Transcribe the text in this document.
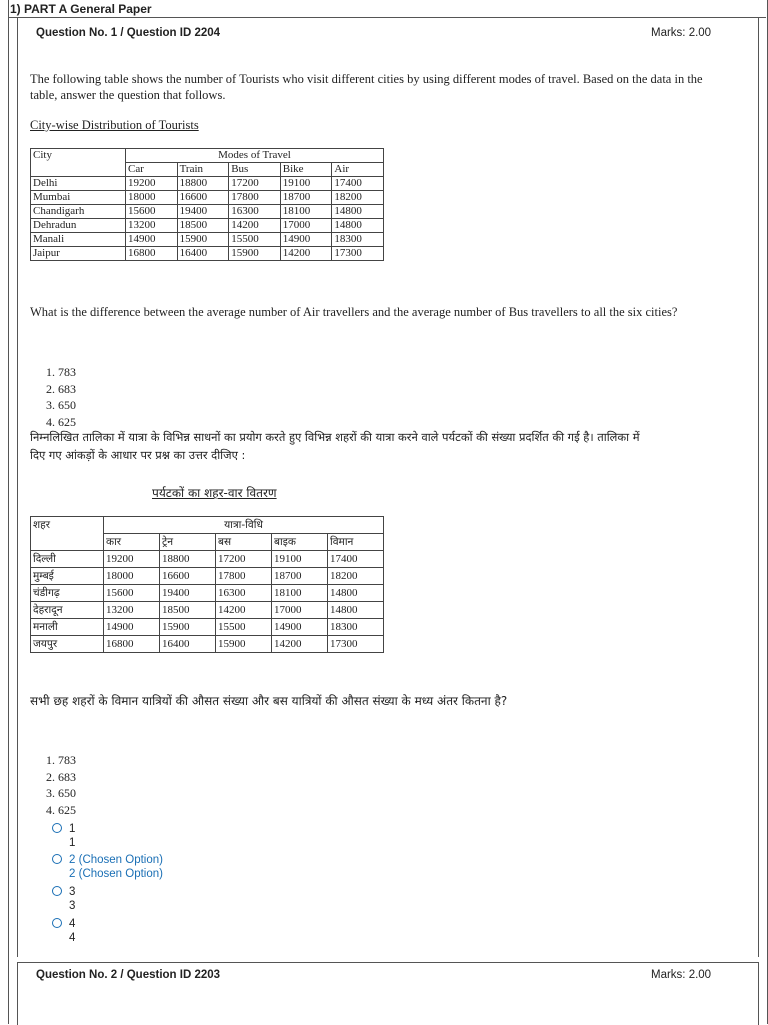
1) PART A General Paper
Question No. 1 / Question ID 2204	Marks: 2.00
The following table shows the number of Tourists who visit different cities by using different modes of travel. Based on the data in the
table, answer the question that follows.
City-wise Distribution of Tourists
City	Modes of Travel				
	Car	Train	Bus	Bike	Air
Delhi	19200	18800	17200	19100	17400
Mumbai	18000	16600	17800	18700	18200
Chandigarh	15600	19400	16300	18100	14800
Dehradun	13200	18500	14200	17000	14800
Manali	14900	15900	15500	14900	18300
Jaipur	16800	16400	15900	14200	17300
What is the difference between the average number of Air travellers and the average number of Bus travellers to all the six cities?
1. 783
2. 683
3. 650
4. 625
निम्नलिखित तालिका में यात्रा के विभिन्न साधनों का प्रयोग करते हुए विभिन्न शहरों की यात्रा करने वाले पर्यटकों की संख्या प्रदर्शित की गई है। तालिका में
दिए गए आंकड़ों के आधार पर प्रश्न का उत्तर दीजिए :
पर्यटकों का शहर-वार वितरण
शहर	यात्रा-विधि				
	कार	ट्रेन	बस	बाइक	विमान
दिल्ली	19200	18800	17200	19100	17400
मुम्बई	18000	16600	17800	18700	18200
चंडीगढ़	15600	19400	16300	18100	14800
देहरादून	13200	18500	14200	17000	14800
मनाली	14900	15900	15500	14900	18300
जयपुर	16800	16400	15900	14200	17300
सभी छह शहरों के विमान यात्रियों की औसत संख्या और बस यात्रियों की औसत संख्या के मध्य अंतर कितना है?
1. 783
2. 683
3. 650
4. 625
1
1
2 (Chosen Option)
2 (Chosen Option)
3
3
4
4
Question No. 2 / Question ID 2203	Marks: 2.00
